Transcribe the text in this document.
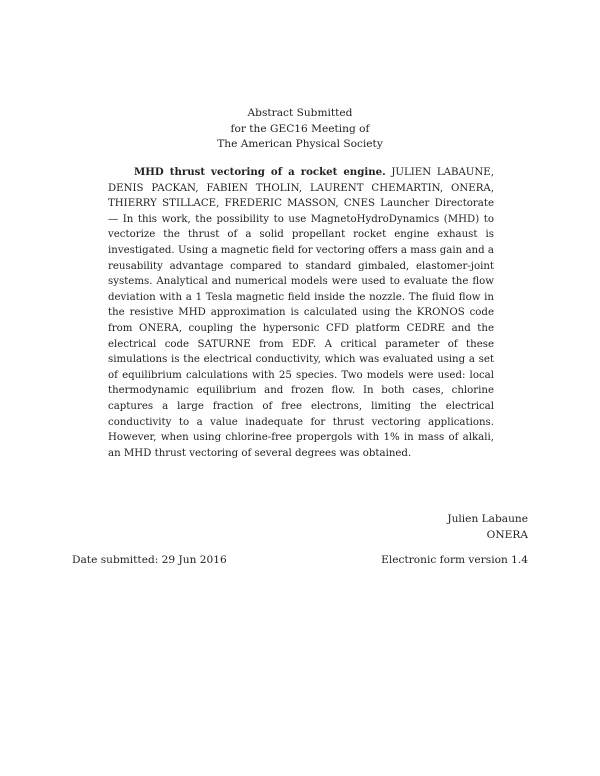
Abstract Submitted
for the GEC16 Meeting of
The American Physical Society

MHD thrust vectoring of a rocket engine. JULIEN LABAUNE, DENIS PACKAN, FABIEN THOLIN, LAURENT CHEMARTIN, ONERA, THIERRY STILLACE, FREDERIC MASSON, CNES Launcher Directorate — In this work, the possibility to use MagnetoHydroDynamics (MHD) to vectorize the thrust of a solid propellant rocket engine exhaust is investigated. Using a magnetic field for vectoring offers a mass gain and a reusability advantage compared to standard gimbaled, elastomer-joint systems. Analytical and numerical models were used to evaluate the flow deviation with a 1 Tesla magnetic field inside the nozzle. The fluid flow in the resistive MHD approximation is calculated using the KRONOS code from ONERA, coupling the hypersonic CFD platform CEDRE and the electrical code SATURNE from EDF. A critical parameter of these simulations is the electrical conductivity, which was evaluated using a set of equilibrium calculations with 25 species. Two models were used: local thermodynamic equilibrium and frozen flow. In both cases, chlorine captures a large fraction of free electrons, limiting the electrical conductivity to a value inadequate for thrust vectoring applications. However, when using chlorine-free propergols with 1% in mass of alkali, an MHD thrust vectoring of several degrees was obtained.

Julien Labaune
ONERA
Date submitted: 29 Jun 2016	Electronic form version 1.4
